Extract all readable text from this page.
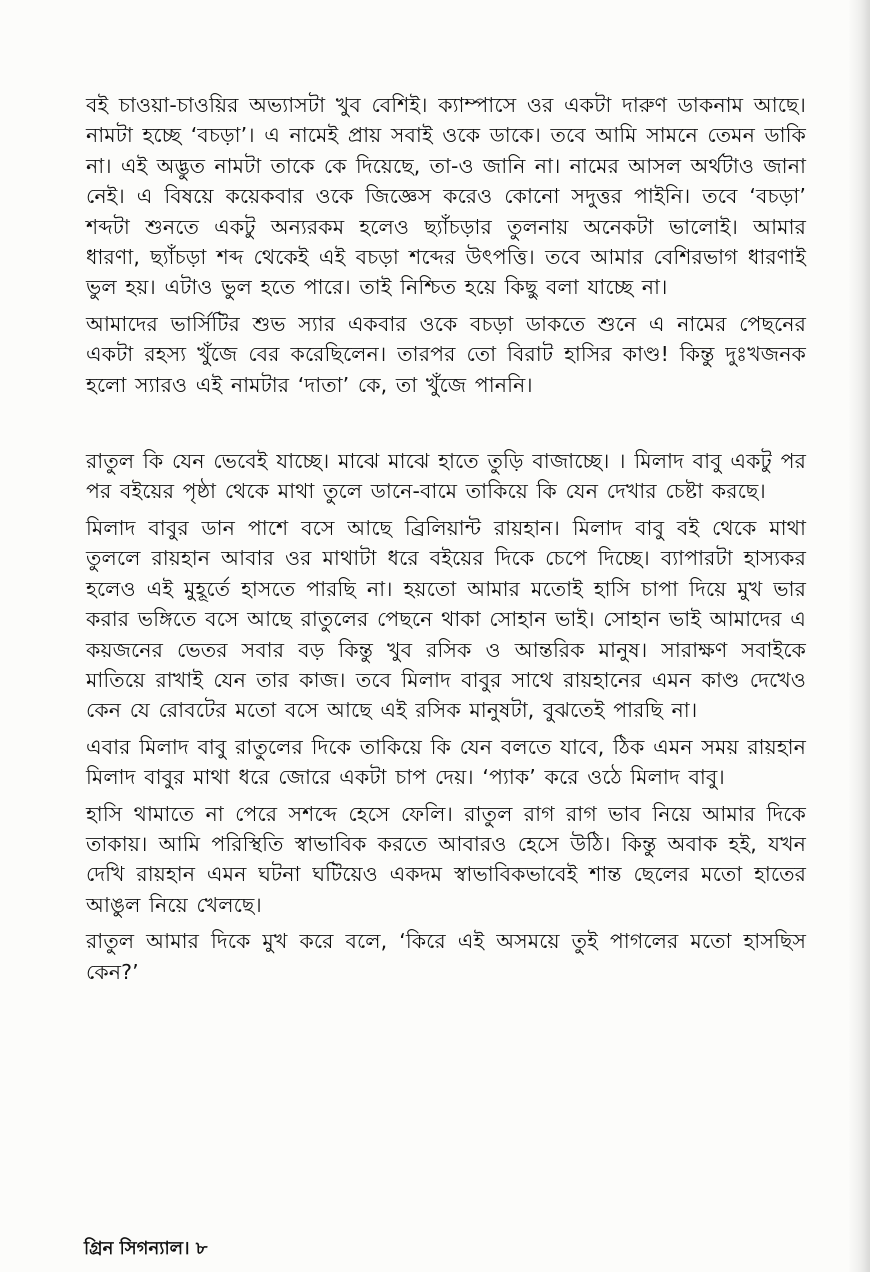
বই চাওয়া-চাওয়ির অভ্যাসটা খুব বেশিই। ক্যাম্পাসে ওর একটা দারুণ ডাকনাম আছে। নামটা হচ্ছে ‘বচড়া’। এ নামেই প্রায় সবাই ওকে ডাকে। তবে আমি সামনে তেমন ডাকি না। এই অদ্ভুত নামটা তাকে কে দিয়েছে, তা-ও জানি না। নামের আসল অর্থটাও জানা নেই। এ বিষয়ে কয়েকবার ওকে জিজ্ঞেস করেও কোনো সদুত্তর পাইনি। তবে ‘বচড়া’ শব্দটা শুনতে একটু অন্যরকম হলেও ছ্যাঁচড়ার তুলনায় অনেকটা ভালোই। আমার ধারণা, ছ্যাঁচড়া শব্দ থেকেই এই বচড়া শব্দের উৎপত্তি। তবে আমার বেশিরভাগ ধারণাই ভুল হয়। এটাও ভুল হতে পারে। তাই নিশ্চিত হয়ে কিছু বলা যাচ্ছে না।

আমাদের ভার্সিটির শুভ স্যার একবার ওকে বচড়া ডাকতে শুনে এ নামের পেছনের একটা রহস্য খুঁজে বের করেছিলেন। তারপর তো বিরাট হাসির কাণ্ড! কিন্তু দুঃখজনক হলো স্যারও এই নামটার ‘দাতা’ কে, তা খুঁজে পাননি।

রাতুল কি যেন ভেবেই যাচ্ছে। মাঝে মাঝে হাতে তুড়ি বাজাচ্ছে। । মিলাদ বাবু একটু পর পর বইয়ের পৃষ্ঠা থেকে মাথা তুলে ডানে-বামে তাকিয়ে কি যেন দেখার চেষ্টা করছে।

মিলাদ বাবুর ডান পাশে বসে আছে ব্রিলিয়ান্ট রায়হান। মিলাদ বাবু বই থেকে মাথা তুললে রায়হান আবার ওর মাথাটা ধরে বইয়ের দিকে চেপে দিচ্ছে। ব্যাপারটা হাস্যকর হলেও এই মুহূর্তে হাসতে পারছি না। হয়তো আমার মতোই হাসি চাপা দিয়ে মুখ ভার করার ভঙ্গিতে বসে আছে রাতুলের পেছনে থাকা সোহান ভাই। সোহান ভাই আমাদের এ কয়জনের ভেতর সবার বড় কিন্তু খুব রসিক ও আন্তরিক মানুষ। সারাক্ষণ সবাইকে মাতিয়ে রাখাই যেন তার কাজ। তবে মিলাদ বাবুর সাথে রায়হানের এমন কাণ্ড দেখেও কেন যে রোবটের মতো বসে আছে এই রসিক মানুষটা, বুঝতেই পারছি না।

এবার মিলাদ বাবু রাতুলের দিকে তাকিয়ে কি যেন বলতে যাবে, ঠিক এমন সময় রায়হান মিলাদ বাবুর মাথা ধরে জোরে একটা চাপ দেয়। ‘প্যাক’ করে ওঠে মিলাদ বাবু।

হাসি থামাতে না পেরে সশব্দে হেসে ফেলি। রাতুল রাগ রাগ ভাব নিয়ে আমার দিকে তাকায়। আমি পরিস্থিতি স্বাভাবিক করতে আবারও হেসে উঠি। কিন্তু অবাক হই, যখন দেখি রায়হান এমন ঘটনা ঘটিয়েও একদম স্বাভাবিকভাবেই শান্ত ছেলের মতো হাতের আঙুল নিয়ে খেলছে।

রাতুল আমার দিকে মুখ করে বলে, ‘কিরে এই অসময়ে তুই পাগলের মতো হাসছিস কেন?’

গ্রিন সিগন্যাল। ৮
